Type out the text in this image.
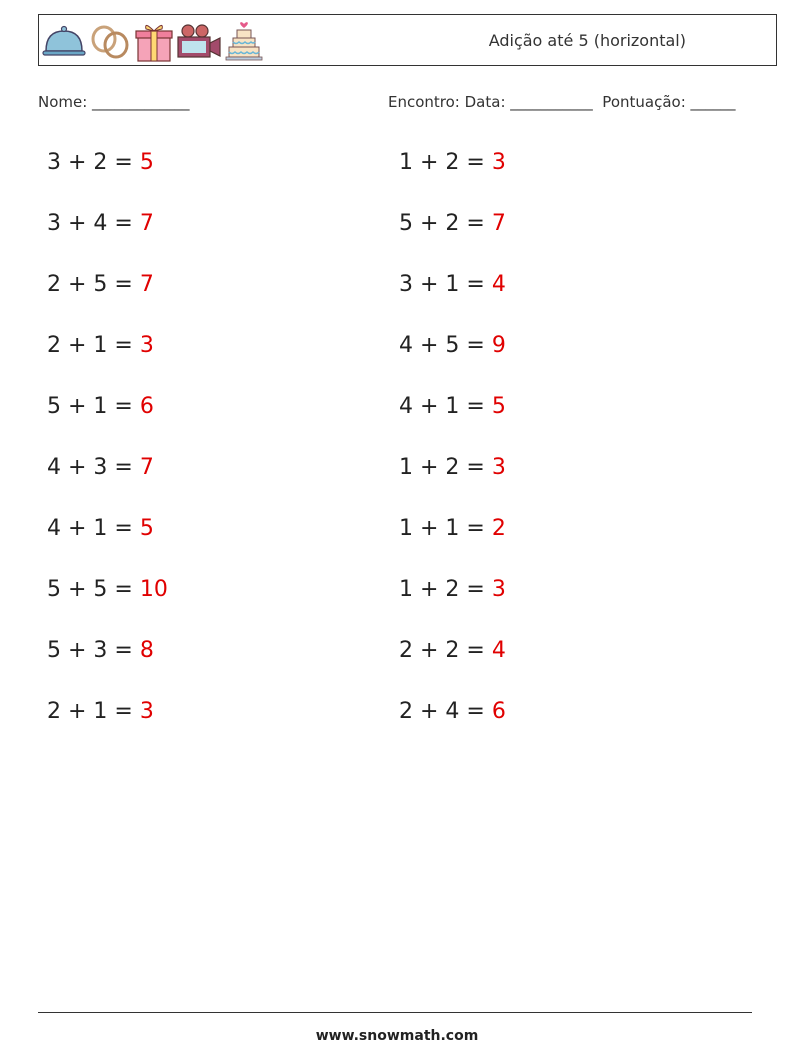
Adição até 5 (horizontal)
Nome: _____________	Encontro: Data: ___________  Pontuação: ______
3 + 2 = 5
3 + 4 = 7
2 + 5 = 7
2 + 1 = 3
5 + 1 = 6
4 + 3 = 7
4 + 1 = 5
5 + 5 = 10
5 + 3 = 8
2 + 1 = 3
1 + 2 = 3
5 + 2 = 7
3 + 1 = 4
4 + 5 = 9
4 + 1 = 5
1 + 2 = 3
1 + 1 = 2
1 + 2 = 3
2 + 2 = 4
2 + 4 = 6
www.snowmath.com
